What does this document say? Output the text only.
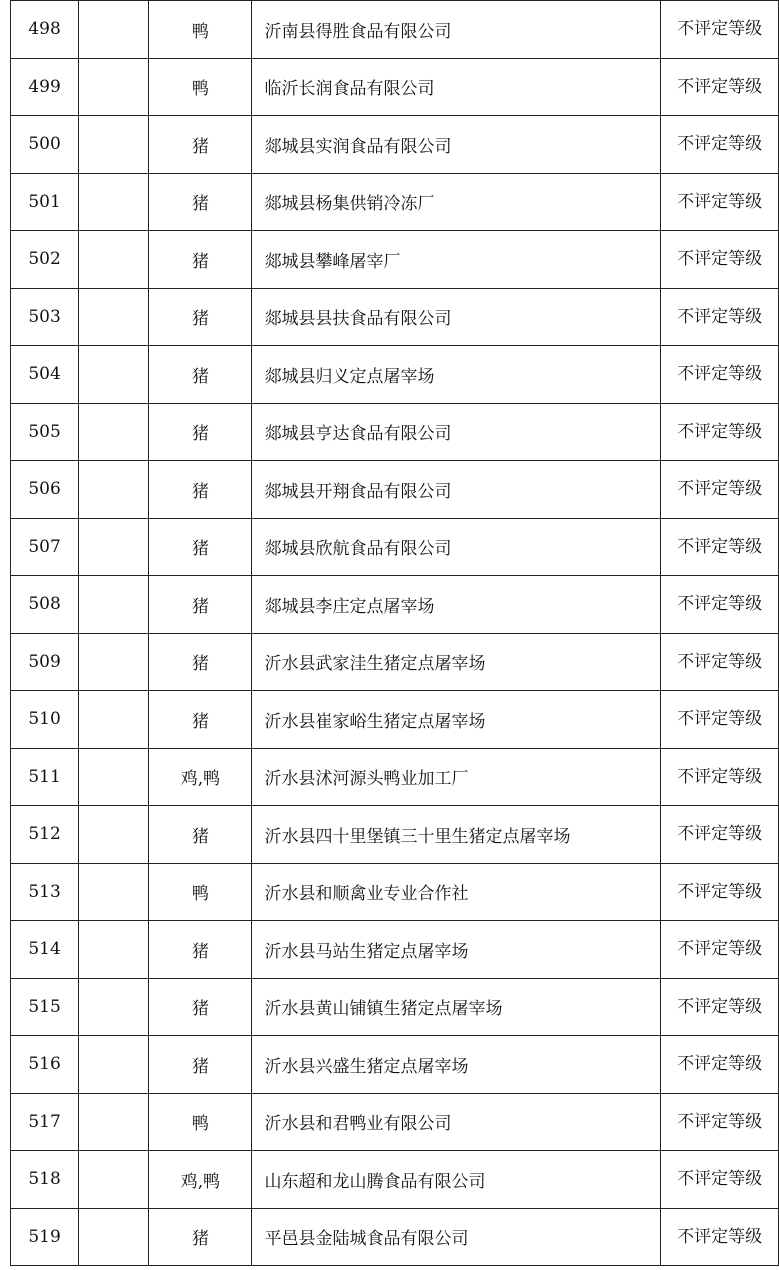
498		鸭	沂南县得胜食品有限公司	不评定等级
499		鸭	临沂长润食品有限公司	不评定等级
500		猪	郯城县实润食品有限公司	不评定等级
501		猪	郯城县杨集供销冷冻厂	不评定等级
502		猪	郯城县攀峰屠宰厂	不评定等级
503		猪	郯城县县扶食品有限公司	不评定等级
504		猪	郯城县归义定点屠宰场	不评定等级
505		猪	郯城县亨达食品有限公司	不评定等级
506		猪	郯城县开翔食品有限公司	不评定等级
507		猪	郯城县欣航食品有限公司	不评定等级
508		猪	郯城县李庄定点屠宰场	不评定等级
509		猪	沂水县武家洼生猪定点屠宰场	不评定等级
510		猪	沂水县崔家峪生猪定点屠宰场	不评定等级
511		鸡,鸭	沂水县沭河源头鸭业加工厂	不评定等级
512		猪	沂水县四十里堡镇三十里生猪定点屠宰场	不评定等级
513		鸭	沂水县和顺禽业专业合作社	不评定等级
514		猪	沂水县马站生猪定点屠宰场	不评定等级
515		猪	沂水县黄山铺镇生猪定点屠宰场	不评定等级
516		猪	沂水县兴盛生猪定点屠宰场	不评定等级
517		鸭	沂水县和君鸭业有限公司	不评定等级
518		鸡,鸭	山东超和龙山腾食品有限公司	不评定等级
519		猪	平邑县金陆城食品有限公司	不评定等级
